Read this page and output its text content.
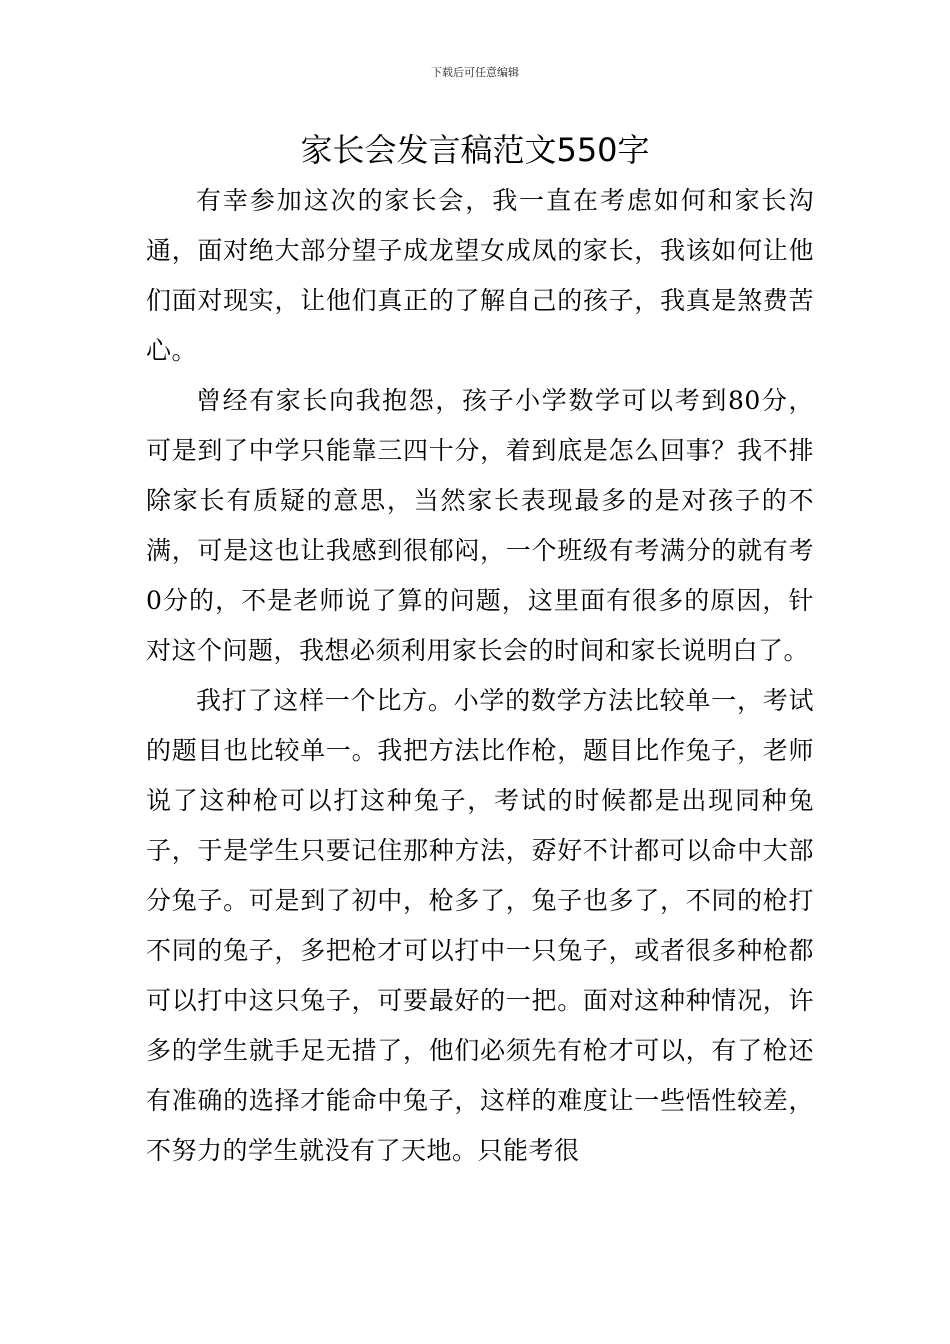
下载后可任意编辑
家长会发言稿范文550字

有幸参加这次的家长会，我一直在考虑如何和家长沟通，面对绝大部分望子成龙望女成凤的家长，我该如何让他们面对现实，让他们真正的了解自己的孩子，我真是煞费苦心。

曾经有家长向我抱怨，孩子小学数学可以考到80分，可是到了中学只能靠三四十分，着到底是怎么回事？我不排除家长有质疑的意思，当然家长表现最多的是对孩子的不满，可是这也让我感到很郁闷，一个班级有考满分的就有考0分的，不是老师说了算的问题，这里面有很多的原因，针对这个问题，我想必须利用家长会的时间和家长说明白了。

我打了这样一个比方。小学的数学方法比较单一，考试的题目也比较单一。我把方法比作枪，题目比作兔子，老师说了这种枪可以打这种兔子，考试的时候都是出现同种兔子，于是学生只要记住那种方法，孬好不计都可以命中大部分兔子。可是到了初中，枪多了，兔子也多了，不同的枪打不同的兔子，多把枪才可以打中一只兔子，或者很多种枪都可以打中这只兔子，可要最好的一把。面对这种种情况，许多的学生就手足无措了，他们必须先有枪才可以，有了枪还有准确的选择才能命中兔子，这样的难度让一些悟性较差，不努力的学生就没有了天地。只能考很
